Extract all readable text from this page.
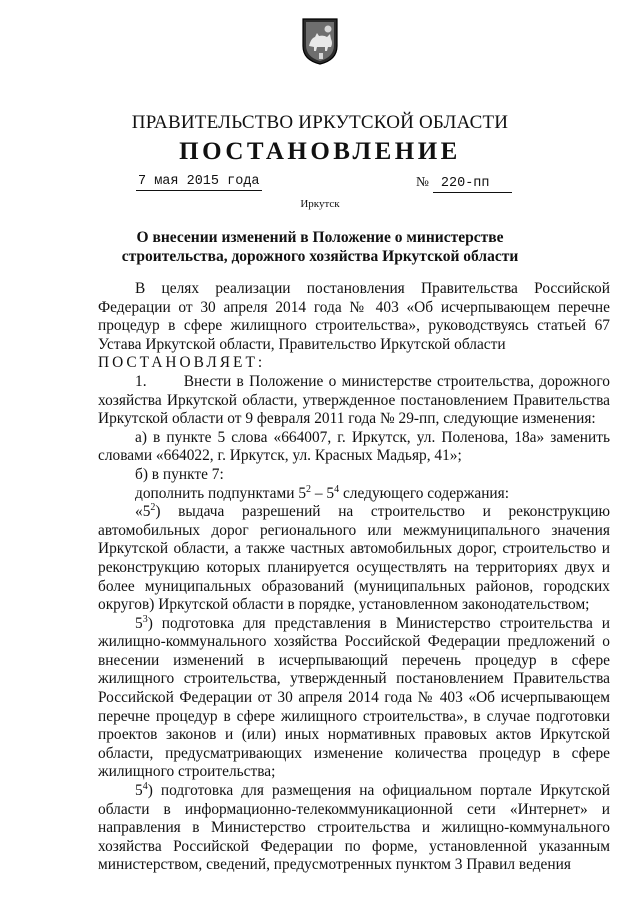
ПРАВИТЕЛЬСТВО ИРКУТСКОЙ ОБЛАСТИ
ПОСТАНОВЛЕНИЕ
7 мая 2015 года	№ 220-пп
Иркутск
О внесении изменений в Положение о министерстве строительства, дорожного хозяйства Иркутской области

В целях реализации постановления Правительства Российской Федерации от 30 апреля 2014 года № 403 «Об исчерпывающем перечне процедур в сфере жилищного строительства», руководствуясь статьей 67 Устава Иркутской области, Правительство Иркутской области

ПОСТАНОВЛЯЕТ:

1.       Внести в Положение о министерстве строительства, дорожного хозяйства Иркутской области, утвержденное постановлением Правительства Иркутской области от 9 февраля 2011 года № 29-пп, следующие изменения:

а) в пункте 5 слова «664007, г. Иркутск, ул. Поленова, 18а» заменить словами «664022, г. Иркутск, ул. Красных Мадьяр, 41»;

б) в пункте 7:

дополнить подпунктами $5^2 - 5^4$ следующего содержания:

«$5^2$) выдача разрешений на строительство и реконструкцию автомобильных дорог регионального или межмуниципального значения Иркутской области, а также частных автомобильных дорог, строительство и реконструкцию которых планируется осуществлять на территориях двух и более муниципальных образований (муниципальных районов, городских округов) Иркутской области в порядке, установленном законодательством;

$5^3$) подготовка для представления в Министерство строительства и жилищно-коммунального хозяйства Российской Федерации предложений о внесении изменений в исчерпывающий перечень процедур в сфере жилищного строительства, утвержденный постановлением Правительства Российской Федерации от 30 апреля 2014 года № 403 «Об исчерпывающем перечне процедур в сфере жилищного строительства», в случае подготовки проектов законов и (или) иных нормативных правовых актов Иркутской области, предусматривающих изменение количества процедур в сфере жилищного строительства;

$5^4$) подготовка для размещения на официальном портале Иркутской области в информационно-телекоммуникационной сети «Интернет» и направления в Министерство строительства и жилищно-коммунального хозяйства Российской Федерации по форме, установленной указанным министерством, сведений, предусмотренных пунктом 3 Правил ведения
